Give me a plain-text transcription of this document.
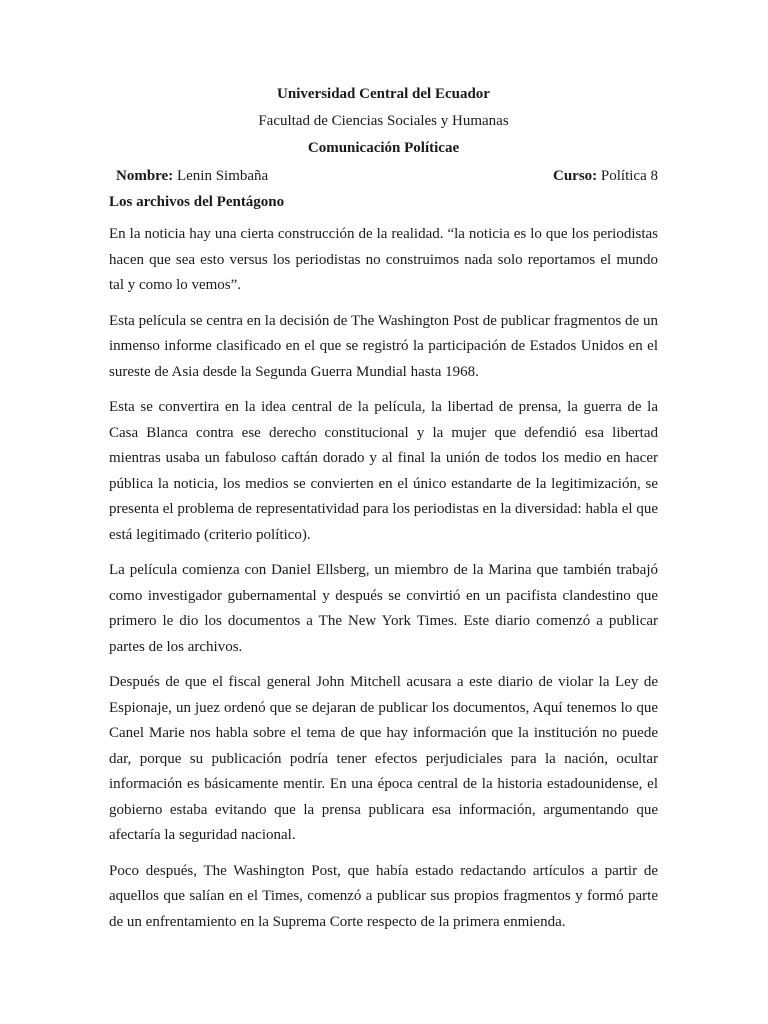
Universidad Central del Ecuador
Facultad de Ciencias Sociales y Humanas
Comunicación Políticae
Nombre: Lenin Simbaña	Curso: Política 8
Los archivos del Pentágono

En la noticia hay una cierta construcción de la realidad. “la noticia es lo que los periodistas hacen que sea esto versus los periodistas no construimos nada solo reportamos el mundo tal y como lo vemos”.

Esta película se centra en la decisión de The Washington Post de publicar fragmentos de un inmenso informe clasificado en el que se registró la participación de Estados Unidos en el sureste de Asia desde la Segunda Guerra Mundial hasta 1968.

Esta se convertira en la idea central de la película, la libertad de prensa, la guerra de la Casa Blanca contra ese derecho constitucional y la mujer que defendió esa libertad mientras usaba un fabuloso caftán dorado y al final la unión de todos los medio en hacer pública la noticia, los medios se convierten en el único estandarte de la legitimización, se presenta el problema de representatividad para los periodistas en la diversidad: habla el que está legitimado (criterio político).

La película comienza con Daniel Ellsberg, un miembro de la Marina que también trabajó como investigador gubernamental y después se convirtió en un pacifista clandestino que primero le dio los documentos a The New York Times. Este diario comenzó a publicar partes de los archivos.

Después de que el fiscal general John Mitchell acusara a este diario de violar la Ley de Espionaje, un juez ordenó que se dejaran de publicar los documentos, Aquí tenemos lo que Canel Marie nos habla sobre el tema de que hay información que la institución no puede dar, porque su publicación podría tener efectos perjudiciales para la nación, ocultar información es básicamente mentir. En una época central de la historia estadounidense, el gobierno estaba evitando que la prensa publicara esa información, argumentando que afectaría la seguridad nacional.

Poco después, The Washington Post, que había estado redactando artículos a partir de aquellos que salían en el Times, comenzó a publicar sus propios fragmentos y formó parte de un enfrentamiento en la Suprema Corte respecto de la primera enmienda.
